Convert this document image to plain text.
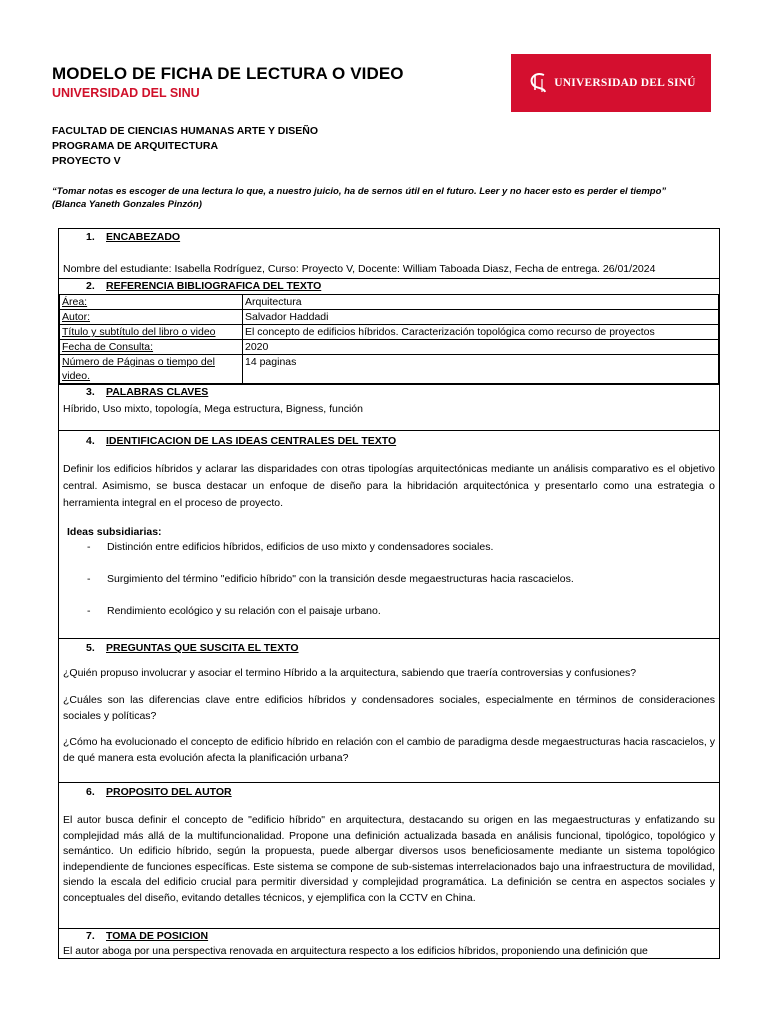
MODELO DE FICHA DE LECTURA O VIDEO
UNIVERSIDAD DEL SINU
UNIVERSIDAD DEL SINÚ
FACULTAD DE CIENCIAS HUMANAS ARTE Y DISEÑO
PROGRAMA DE ARQUITECTURA
PROYECTO V
“Tomar notas es escoger de una lectura lo que, a nuestro juicio, ha de sernos útil en el futuro. Leer y no hacer esto es perder el tiempo”
(Blanca Yaneth Gonzales Pinzón)
1. ENCABEZADO
Nombre del estudiante: Isabella Rodríguez, Curso: Proyecto V, Docente: William Taboada Diasz, Fecha de entrega. 26/01/2024
2. REFERENCIA BIBLIOGRAFICA DEL TEXTO
Área:	Arquitectura
Autor:	Salvador Haddadi
Título y subtítulo del libro o video	El concepto de edificios híbridos. Caracterización topológica como recurso de proyectos
Fecha de Consulta:	2020
Número de Páginas o tiempo del video.	14 paginas
3. PALABRAS CLAVES
Híbrido, Uso mixto, topología, Mega estructura, Bigness, función
4. IDENTIFICACION DE LAS IDEAS CENTRALES DEL TEXTO
Definir los edificios híbridos y aclarar las disparidades con otras tipologías arquitectónicas mediante un análisis comparativo es el objetivo central. Asimismo, se busca destacar un enfoque de diseño para la hibridación arquitectónica y presentarlo como una estrategia o herramienta integral en el proceso de proyecto.
Ideas subsidiarias:
-	Distinción entre edificios híbridos, edificios de uso mixto y condensadores sociales.
-	Surgimiento del término "edificio híbrido" con la transición desde megaestructuras hacia rascacielos.
-	Rendimiento ecológico y su relación con el paisaje urbano.
5. PREGUNTAS QUE SUSCITA EL TEXTO
¿Quién propuso involucrar y asociar el termino Híbrido a la arquitectura, sabiendo que traería controversias y confusiones?
¿Cuáles son las diferencias clave entre edificios híbridos y condensadores sociales, especialmente en términos de consideraciones sociales y políticas?
¿Cómo ha evolucionado el concepto de edificio híbrido en relación con el cambio de paradigma desde megaestructuras hacia rascacielos, y de qué manera esta evolución afecta la planificación urbana?
6. PROPOSITO DEL AUTOR
El autor busca definir el concepto de "edificio híbrido" en arquitectura, destacando su origen en las megaestructuras y enfatizando su complejidad más allá de la multifuncionalidad. Propone una definición actualizada basada en análisis funcional, tipológico, topológico y semántico. Un edificio híbrido, según la propuesta, puede albergar diversos usos beneficiosamente mediante un sistema topológico independiente de funciones específicas. Este sistema se compone de sub-sistemas interrelacionados bajo una infraestructura de movilidad, siendo la escala del edificio crucial para permitir diversidad y complejidad programática. La definición se centra en aspectos sociales y conceptuales del diseño, evitando detalles técnicos, y ejemplifica con la CCTV en China.
7. TOMA DE POSICION
El autor aboga por una perspectiva renovada en arquitectura respecto a los edificios híbridos, proponiendo una definición que
